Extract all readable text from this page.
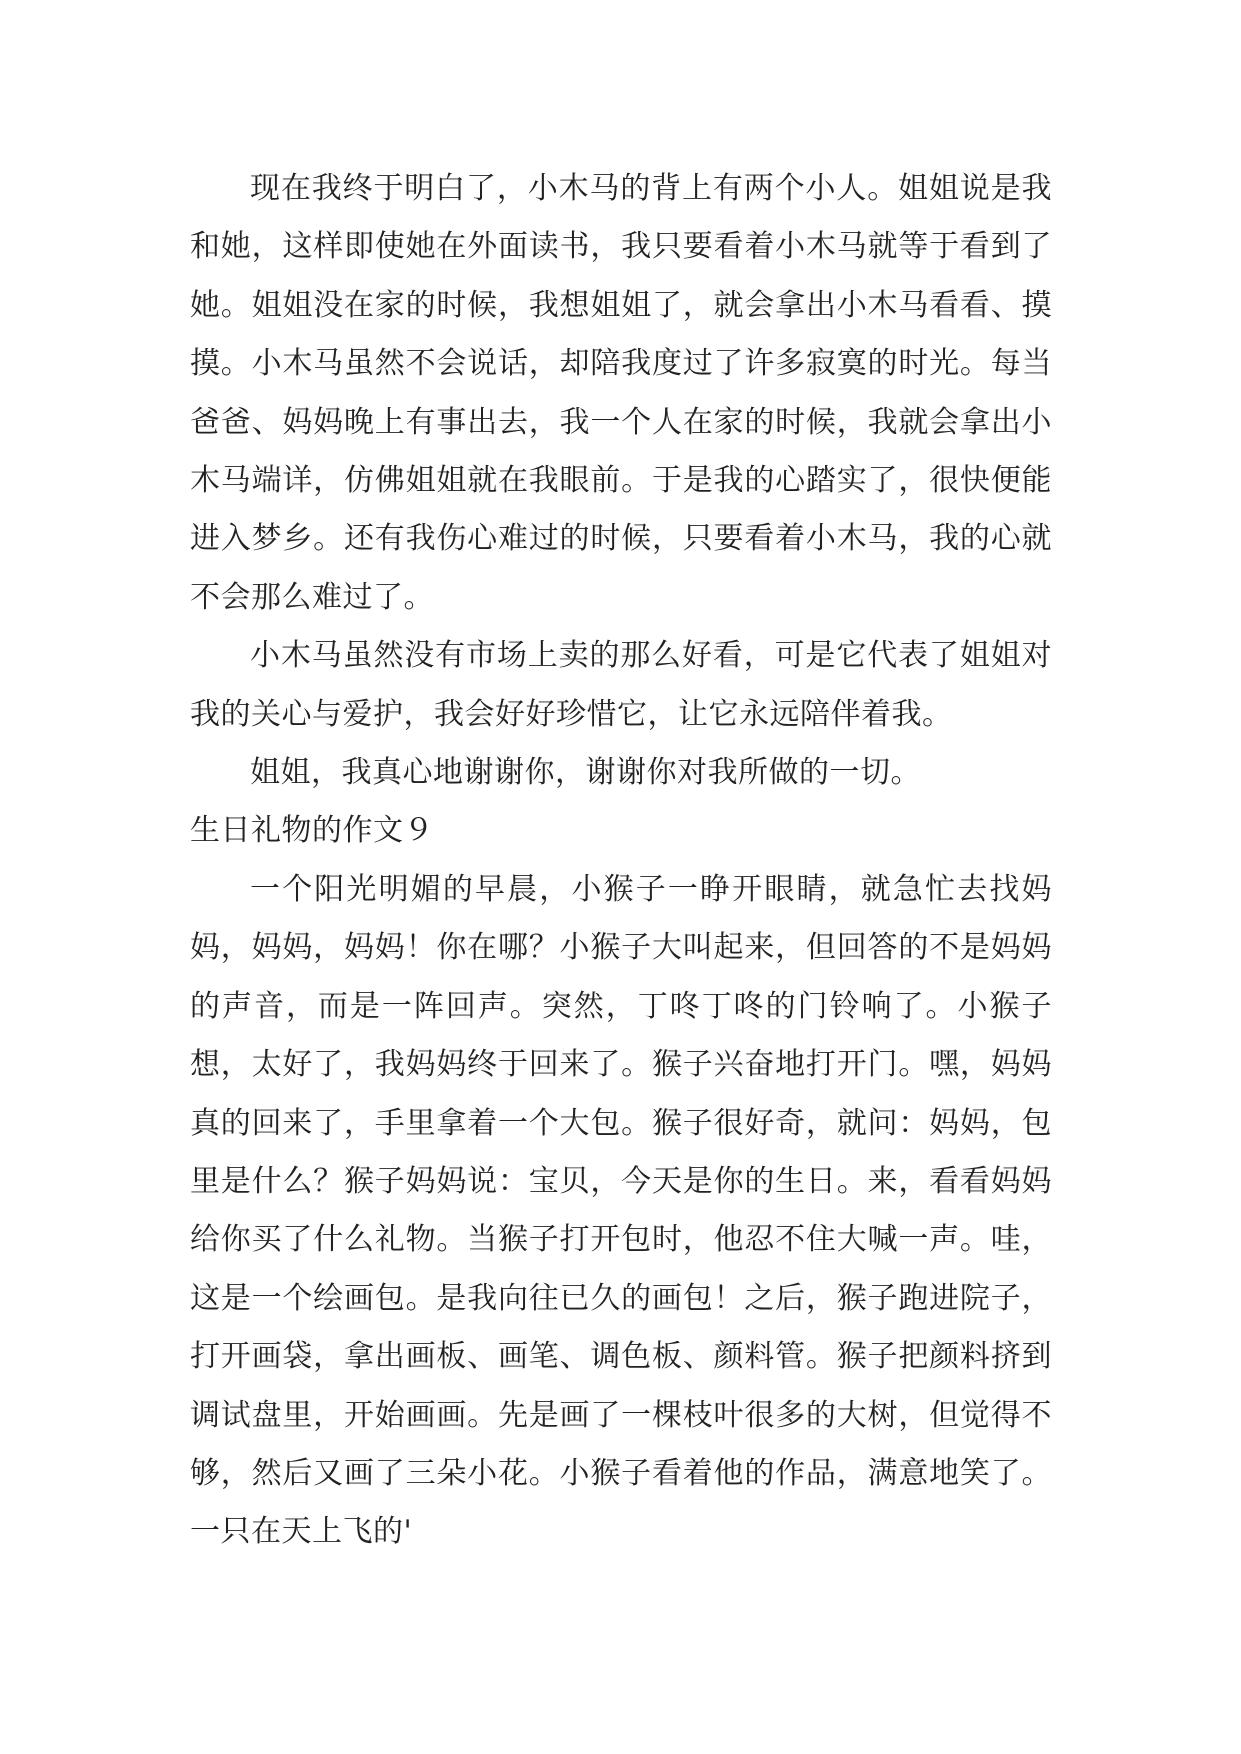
现在我终于明白了，小木马的背上有两个小人。姐姐说是我和她，这样即使她在外面读书，我只要看着小木马就等于看到了她。姐姐没在家的时候，我想姐姐了，就会拿出小木马看看、摸摸。小木马虽然不会说话，却陪我度过了许多寂寞的时光。每当爸爸、妈妈晚上有事出去，我一个人在家的时候，我就会拿出小木马端详，仿佛姐姐就在我眼前。于是我的心踏实了，很快便能进入梦乡。还有我伤心难过的时候，只要看着小木马，我的心就不会那么难过了。

小木马虽然没有市场上卖的那么好看，可是它代表了姐姐对我的关心与爱护，我会好好珍惜它，让它永远陪伴着我。

姐姐，我真心地谢谢你，谢谢你对我所做的一切。

生日礼物的作文９

一个阳光明媚的早晨，小猴子一睁开眼睛，就急忙去找妈妈，妈妈，妈妈！你在哪？小猴子大叫起来，但回答的不是妈妈的声音，而是一阵回声。突然，丁咚丁咚的门铃响了。小猴子想，太好了，我妈妈终于回来了。猴子兴奋地打开门。嘿，妈妈真的回来了，手里拿着一个大包。猴子很好奇，就问：妈妈，包里是什么？猴子妈妈说：宝贝，今天是你的生日。来，看看妈妈给你买了什么礼物。当猴子打开包时，他忍不住大喊一声。哇，这是一个绘画包。是我向往已久的画包！之后，猴子跑进院子，打开画袋，拿出画板、画笔、调色板、颜料管。猴子把颜料挤到调试盘里，开始画画。先是画了一棵枝叶很多的大树，但觉得不够，然后又画了三朵小花。小猴子看着他的作品，满意地笑了。一只在天上飞的'
